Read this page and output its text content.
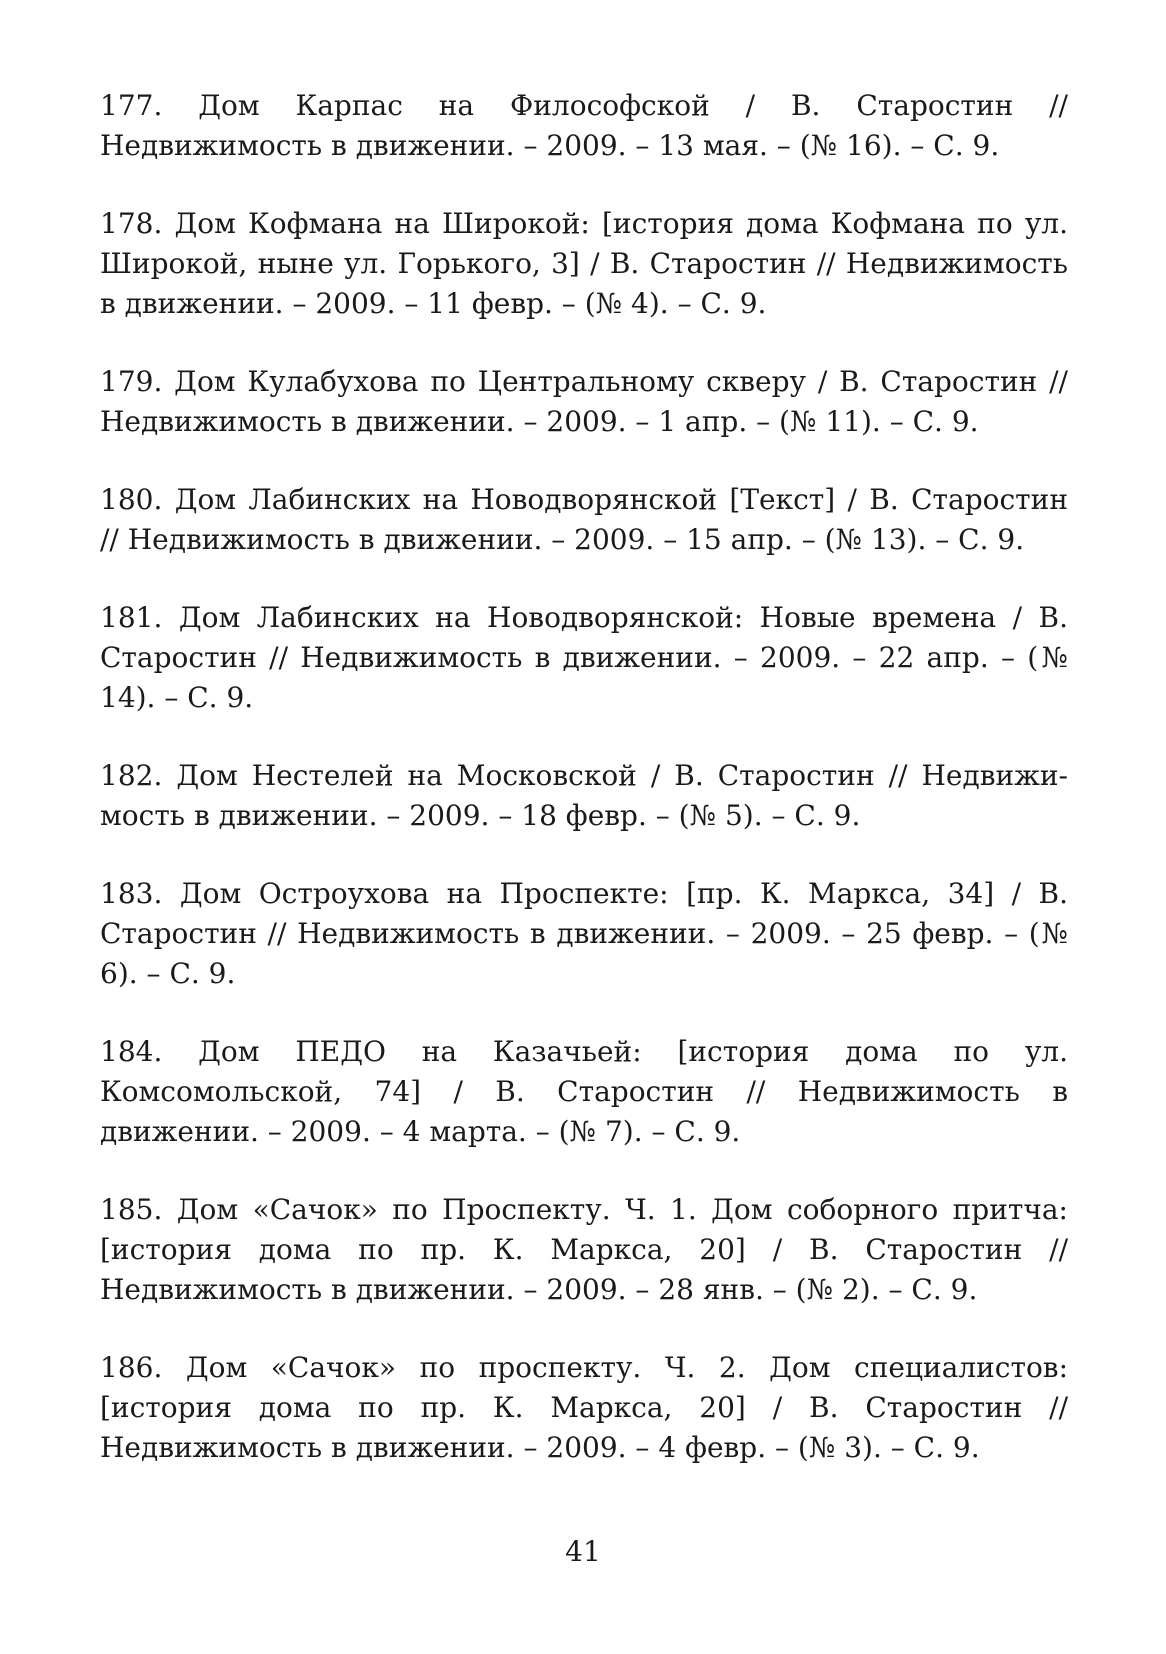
177. Дом Карпас на Философской / В. Старостин // Недвижимость в движении. – 2009. – 13 мая. – (№ 16). – С. 9.
178. Дом Кофмана на Широкой: [история дома Кофмана по ул. Широкой, ныне ул. Горького, 3] / В. Старостин // Недвижимость в движении. – 2009. – 11 февр. – (№ 4). – С. 9.
179. Дом Кулабухова по Центральному скверу / В. Старостин // Недвижимость в движении. – 2009. – 1 апр. – (№ 11). – С. 9.
180. Дом Лабинских на Новодворянской [Текст] / В. Старостин // Недвижимость в движении. – 2009. – 15 апр. – (№ 13). – С. 9.
181. Дом Лабинских на Новодворянской: Новые времена / В. Старостин // Недвижимость в движении. – 2009. – 22 апр. – (№ 14). – С. 9.
182. Дом Нестелей на Московской / В. Старостин // Недвижи-мость в движении. – 2009. – 18 февр. – (№ 5). – С. 9.
183. Дом Остроухова на Проспекте: [пр. К. Маркса, 34] / В. Старостин // Недвижимость в движении. – 2009. – 25 февр. – (№ 6). – С. 9.
184. Дом ПЕДО на Казачьей: [история дома по ул. Комсомольской, 74] / В. Старостин // Недвижимость в движении. – 2009. – 4 марта. – (№ 7). – С. 9.
185. Дом «Сачок» по Проспекту. Ч. 1. Дом соборного притча: [история дома по пр. К. Маркса, 20] / В. Старостин // Недвижимость в движении. – 2009. – 28 янв. – (№ 2). – С. 9.
186. Дом «Сачок» по проспекту. Ч. 2. Дом специалистов: [история дома по пр. К. Маркса, 20] / В. Старостин // Недвижимость в движении. – 2009. – 4 февр. – (№ 3). – С. 9.
41
